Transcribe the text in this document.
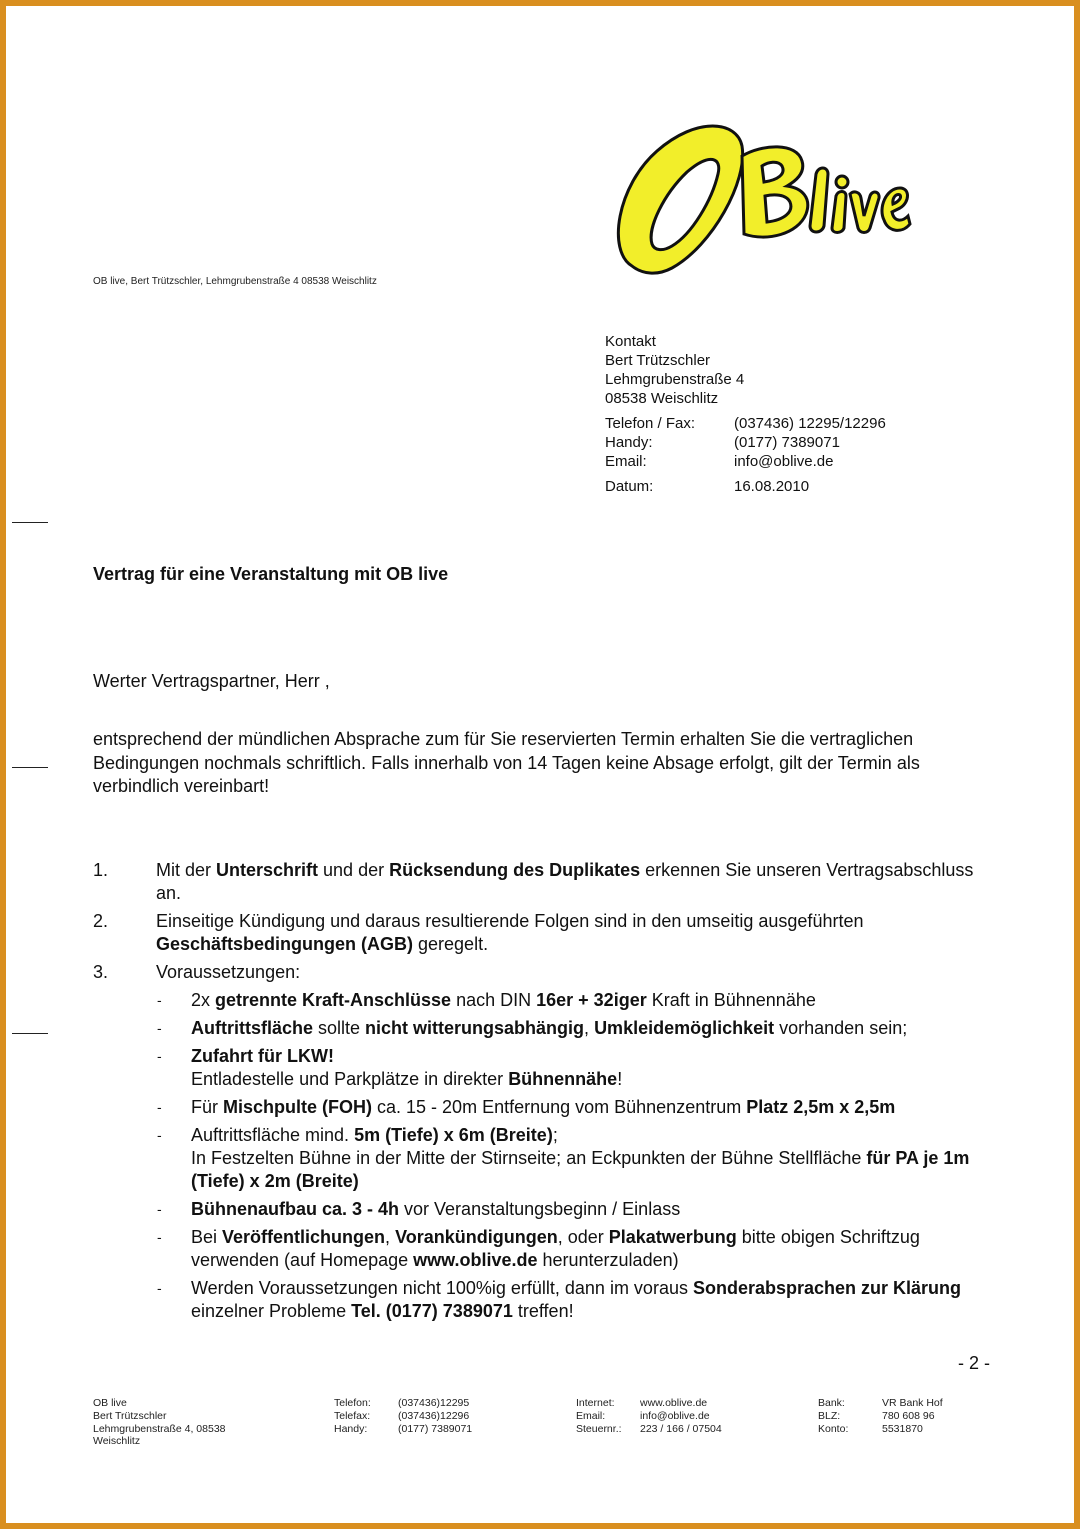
OB live, Bert Trützschler, Lehmgrubenstraße 4 08538 Weischlitz
Kontakt
Bert Trützschler
Lehmgrubenstraße 4
08538 Weischlitz
Telefon / Fax:	(037436) 12295/12296
Handy:	(0177) 7389071
Email:	info@oblive.de
Datum:	16.08.2010
Vertrag für eine Veranstaltung mit OB live
Werter Vertragspartner, Herr ,
entsprechend der mündlichen Absprache zum für Sie reservierten Termin erhalten Sie die vertraglichen Bedingungen nochmals schriftlich. Falls innerhalb von 14 Tagen keine Absage erfolgt, gilt der Termin als verbindlich vereinbart!
1.	Mit der Unterschrift und der Rücksendung des Duplikates erkennen Sie unseren Vertragsabschluss an.
2.	Einseitige Kündigung und daraus resultierende Folgen sind in den umseitig ausgeführten Geschäftsbedingungen (AGB) geregelt.
3.	Voraussetzungen:
-	2x getrennte Kraft-Anschlüsse nach DIN 16er + 32iger Kraft in Bühnennähe
-	Auftrittsfläche sollte nicht witterungsabhängig, Umkleidemöglichkeit vorhanden sein;
-	Zufahrt für LKW!
Entladestelle und Parkplätze in direkter Bühnennähe!
-	Für Mischpulte (FOH) ca. 15 - 20m Entfernung vom Bühnenzentrum Platz 2,5m x 2,5m
-	Auftrittsfläche mind. 5m (Tiefe) x 6m (Breite);
In Festzelten Bühne in der Mitte der Stirnseite; an Eckpunkten der Bühne Stellfläche für PA je 1m (Tiefe) x 2m (Breite)
-	Bühnenaufbau ca. 3 - 4h vor Veranstaltungsbeginn / Einlass
-	Bei Veröffentlichungen, Vorankündigungen, oder Plakatwerbung bitte obigen Schriftzug verwenden (auf Homepage www.oblive.de herunterzuladen)
-	Werden Voraussetzungen nicht 100%ig erfüllt, dann im voraus Sonderabsprachen zur Klärung einzelner Probleme Tel. (0177) 7389071 treffen!
- 2 -
OB live
Bert Trützschler
Lehmgrubenstraße 4, 08538
Weischlitz
Telefon:	(037436)12295
Telefax:	(037436)12296
Handy:	(0177) 7389071
Internet:	www.oblive.de
Email:	info@oblive.de
Steuernr.:	223 / 166 / 07504
Bank:	VR Bank Hof
BLZ:	780 608 96
Konto:	5531870
